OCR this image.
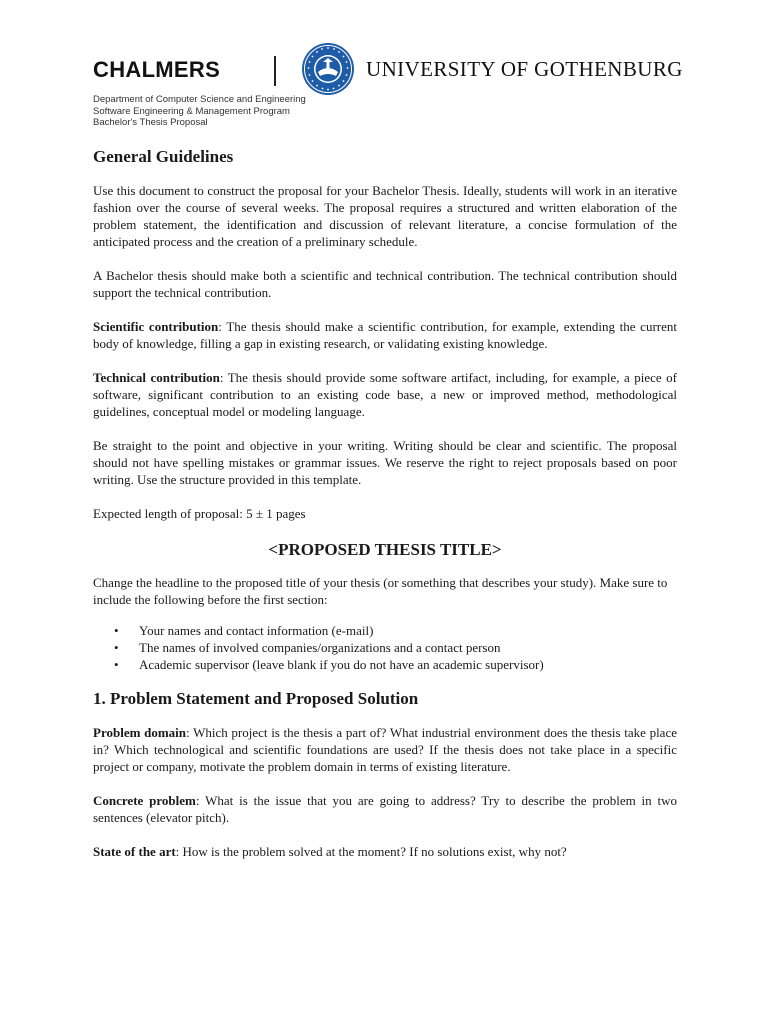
CHALMERS	UNIVERSITY OF GOTHENBURG
Department of Computer Science and Engineering
Software Engineering & Management Program
Bachelor's Thesis Proposal
General Guidelines

Use this document to construct the proposal for your Bachelor Thesis. Ideally, students will work in an iterative fashion over the course of several weeks. The proposal requires a structured and written elaboration of the problem statement, the identification and discussion of relevant literature, a concise formulation of the anticipated process and the creation of a preliminary schedule.

A Bachelor thesis should make both a scientific and technical contribution. The technical contribution should support the technical contribution.

Scientific contribution: The thesis should make a scientific contribution, for example, extending the current body of knowledge, filling a gap in existing research, or validating existing knowledge.

Technical contribution: The thesis should provide some software artifact, including, for example, a piece of software, significant contribution to an existing code base, a new or improved method, methodological guidelines, conceptual model or modeling language.

Be straight to the point and objective in your writing. Writing should be clear and scientific. The proposal should not have spelling mistakes or grammar issues. We reserve the right to reject proposals based on poor writing. Use the structure provided in this template.

Expected length of proposal: 5 ± 1 pages

<PROPOSED THESIS TITLE>

Change the headline to the proposed title of your thesis (or something that describes your study). Make sure to include the following before the first section:

• Your names and contact information (e-mail)
• The names of involved companies/organizations and a contact person
• Academic supervisor (leave blank if you do not have an academic supervisor)
1. Problem Statement and Proposed Solution

Problem domain: Which project is the thesis a part of? What industrial environment does the thesis take place in? Which technological and scientific foundations are used? If the thesis does not take place in a specific project or company, motivate the problem domain in terms of existing literature.

Concrete problem: What is the issue that you are going to address? Try to describe the problem in two sentences (elevator pitch).

State of the art: How is the problem solved at the moment? If no solutions exist, why not?
